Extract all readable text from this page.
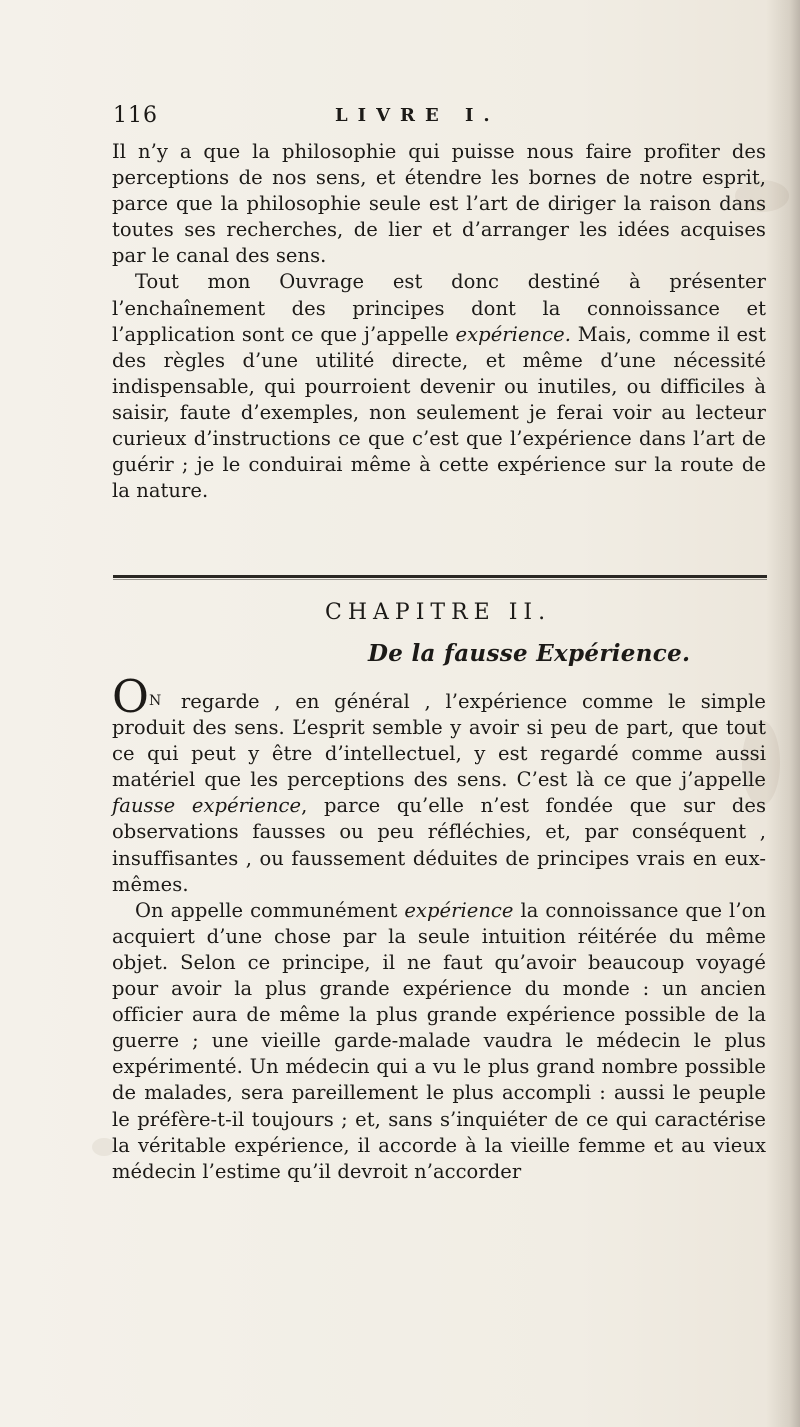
116	LIVRE I.

Il n’y a que la philosophie qui puisse nous faire profiter des perceptions de nos sens, et étendre les bornes de notre esprit, parce que la philosophie seule est l’art de diriger la raison dans toutes ses recherches, de lier et d’arranger les idées acquises par le canal des sens.

Tout mon Ouvrage est donc destiné à présenter l’enchaînement des principes dont la connoissance et l’application sont ce que j’appelle expérience. Mais, comme il est des règles d’une utilité directe, et même d’une nécessité indispensable, qui pourroient devenir ou inutiles, ou difficiles à saisir, faute d’exemples, non seulement je ferai voir au lecteur curieux d’instructions ce que c’est que l’expérience dans l’art de guérir ; je le conduirai même à cette expérience sur la route de la nature.

CHAPITRE II.
De la fausse Expérience.

ON regarde , en général , l’expérience comme le simple produit des sens. L’esprit semble y avoir si peu de part, que tout ce qui peut y être d’intellectuel, y est regardé comme aussi matériel que les perceptions des sens. C’est là ce que j’appelle fausse expérience, parce qu’elle n’est fondée que sur des observations fausses ou peu réfléchies, et, par conséquent , insuffisantes , ou faussement déduites de principes vrais en eux-mêmes.

On appelle communément expérience la connoissance que l’on acquiert d’une chose par la seule intuition réitérée du même objet. Selon ce principe, il ne faut qu’avoir beaucoup voyagé pour avoir la plus grande expérience du monde : un ancien officier aura de même la plus grande expérience possible de la guerre ; une vieille garde-malade vaudra le médecin le plus expérimenté. Un médecin qui a vu le plus grand nombre possible de malades, sera pareillement le plus accompli : aussi le peuple le préfère-t-il toujours ; et, sans s’inquiéter de ce qui caractérise la véritable expérience, il accorde à la vieille femme et au vieux médecin l’estime qu’il devroit n’accorder
